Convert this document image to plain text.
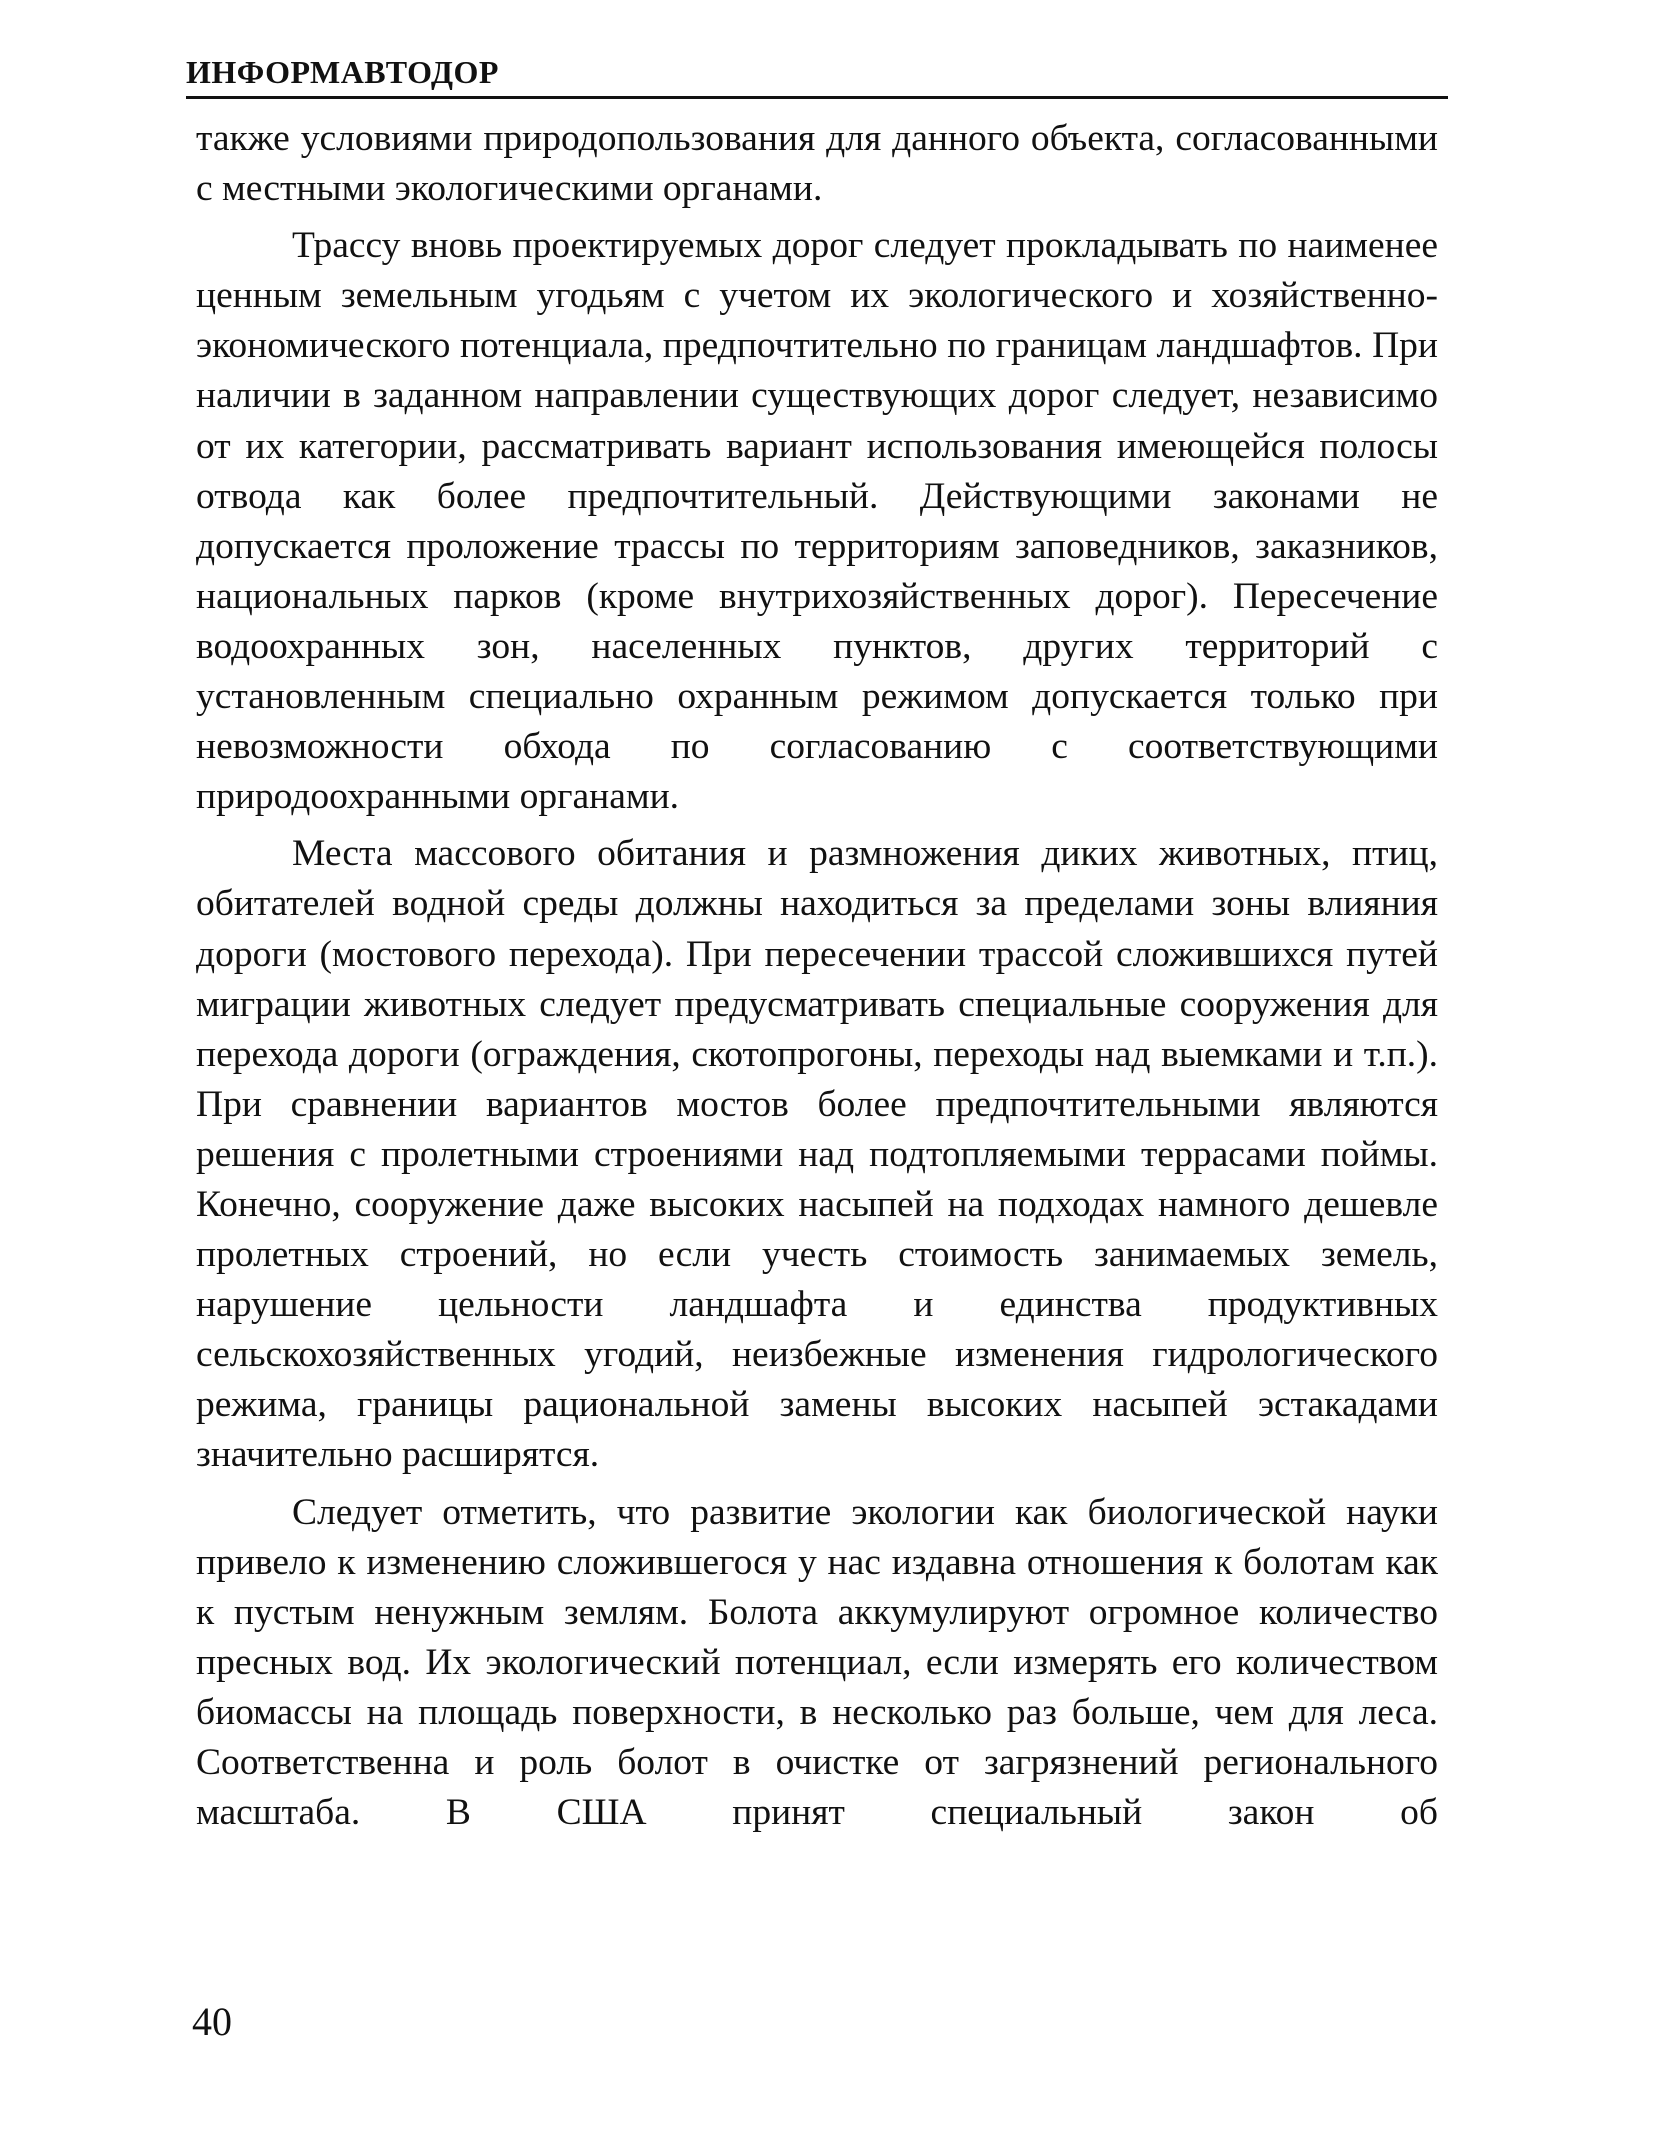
ИНФОРМАВТОДОР

также условиями природопользования для данного объекта, согласованными с местными экологическими органами.

Трассу вновь проектируемых дорог следует прокладывать по наименее ценным земельным угодьям с учетом их экологического и хозяйственно-экономического потенциала, предпочтительно по границам ландшафтов. При наличии в заданном направлении существующих дорог следует, независимо от их категории, рассматривать вариант использования имеющейся полосы отвода как более предпочтительный. Действующими законами не допускается проложение трассы по территориям заповедников, заказников, национальных парков (кроме внутрихозяйственных дорог). Пересечение водоохранных зон, населенных пунктов, других территорий с установленным специально охранным режимом допускается только при невозможности обхода по согласованию с соответствующими природоохранными органами.

Места массового обитания и размножения диких животных, птиц, обитателей водной среды должны находиться за пределами зоны влияния дороги (мостового перехода). При пересечении трассой сложившихся путей миграции животных следует предусматривать специальные сооружения для перехода дороги (ограждения, скотопрогоны, переходы над выемками и т.п.). При сравнении вариантов мостов более предпочтительными являются решения с пролетными строениями над подтопляемыми террасами поймы. Конечно, сооружение даже высоких насыпей на подходах намного дешевле пролетных строений, но если учесть стоимость занимаемых земель, нарушение цельности ландшафта и единства продуктивных сельскохозяйственных угодий, неизбежные изменения гидрологического режима, границы рациональной замены высоких насыпей эстакадами значительно расширятся.

Следует отметить, что развитие экологии как биологической науки привело к изменению сложившегося у нас издавна отношения к болотам как к пустым ненужным землям. Болота аккумулируют огромное количество пресных вод. Их экологический потенциал, если измерять его количеством биомассы на площадь поверхности, в несколько раз больше, чем для леса. Соответственна и роль болот в очистке от загрязнений регионального масштаба. В США принят специальный закон об

40
